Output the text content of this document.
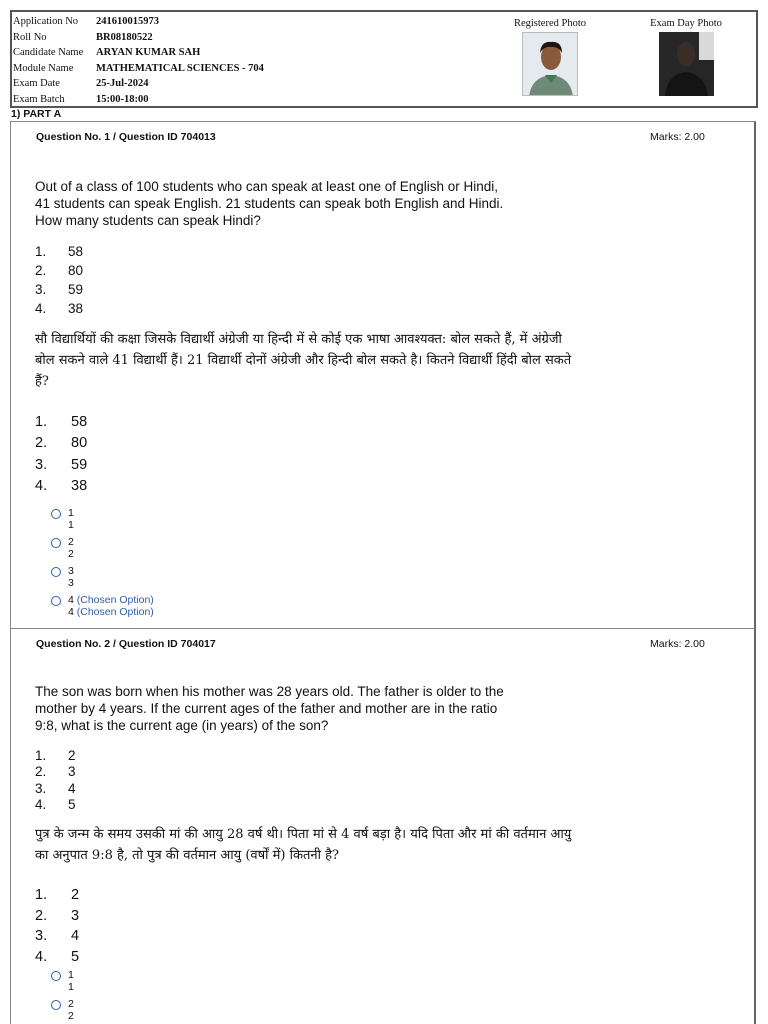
Application No	241610015973
Roll No	BR08180522
Candidate Name	ARYAN KUMAR SAH
Module Name	MATHEMATICAL SCIENCES - 704
Exam Date	25-Jul-2024
Exam Batch	15:00-18:00
Registered Photo	Exam Day Photo
1) PART A
Question No. 1 / Question ID 704013	Marks: 2.00
Out of a class of 100 students who can speak at least one of English or Hindi,
41 students can speak English. 21 students can speak both English and Hindi.
How many students can speak Hindi?
1.	58
2.	80
3.	59
4.	38
सौ विद्यार्थियों की कक्षा जिसके विद्यार्थी अंग्रेजी या हिन्दी में से कोई एक भाषा आवश्यक्त: बोल सकते हैं, में अंग्रेजी
बोल सकने वाले 41 विद्यार्थी हैं। 21 विद्यार्थी दोनों अंग्रेजी और हिन्दी बोल सकते है। कितने विद्यार्थी हिंदी बोल सकते
हैं?
1.	58
2.	80
3.	59
4.	38
1
1
2
2
3
3
4 (Chosen Option)
4 (Chosen Option)
Question No. 2 / Question ID 704017	Marks: 2.00
The son was born when his mother was 28 years old. The father is older to the
mother by 4 years. If the current ages of the father and mother are in the ratio
9:8, what is the current age (in years) of the son?
1.	2
2.	3
3.	4
4.	5
पुत्र के जन्म के समय उसकी मां की आयु 28 वर्ष थी। पिता मां से 4 वर्ष बड़ा है। यदि पिता और मां की वर्तमान आयु
का अनुपात 9:8 है, तो पुत्र की वर्तमान आयु (वर्षों में) कितनी है?
1.	2
2.	3
3.	4
4.	5
1
1
2
2
